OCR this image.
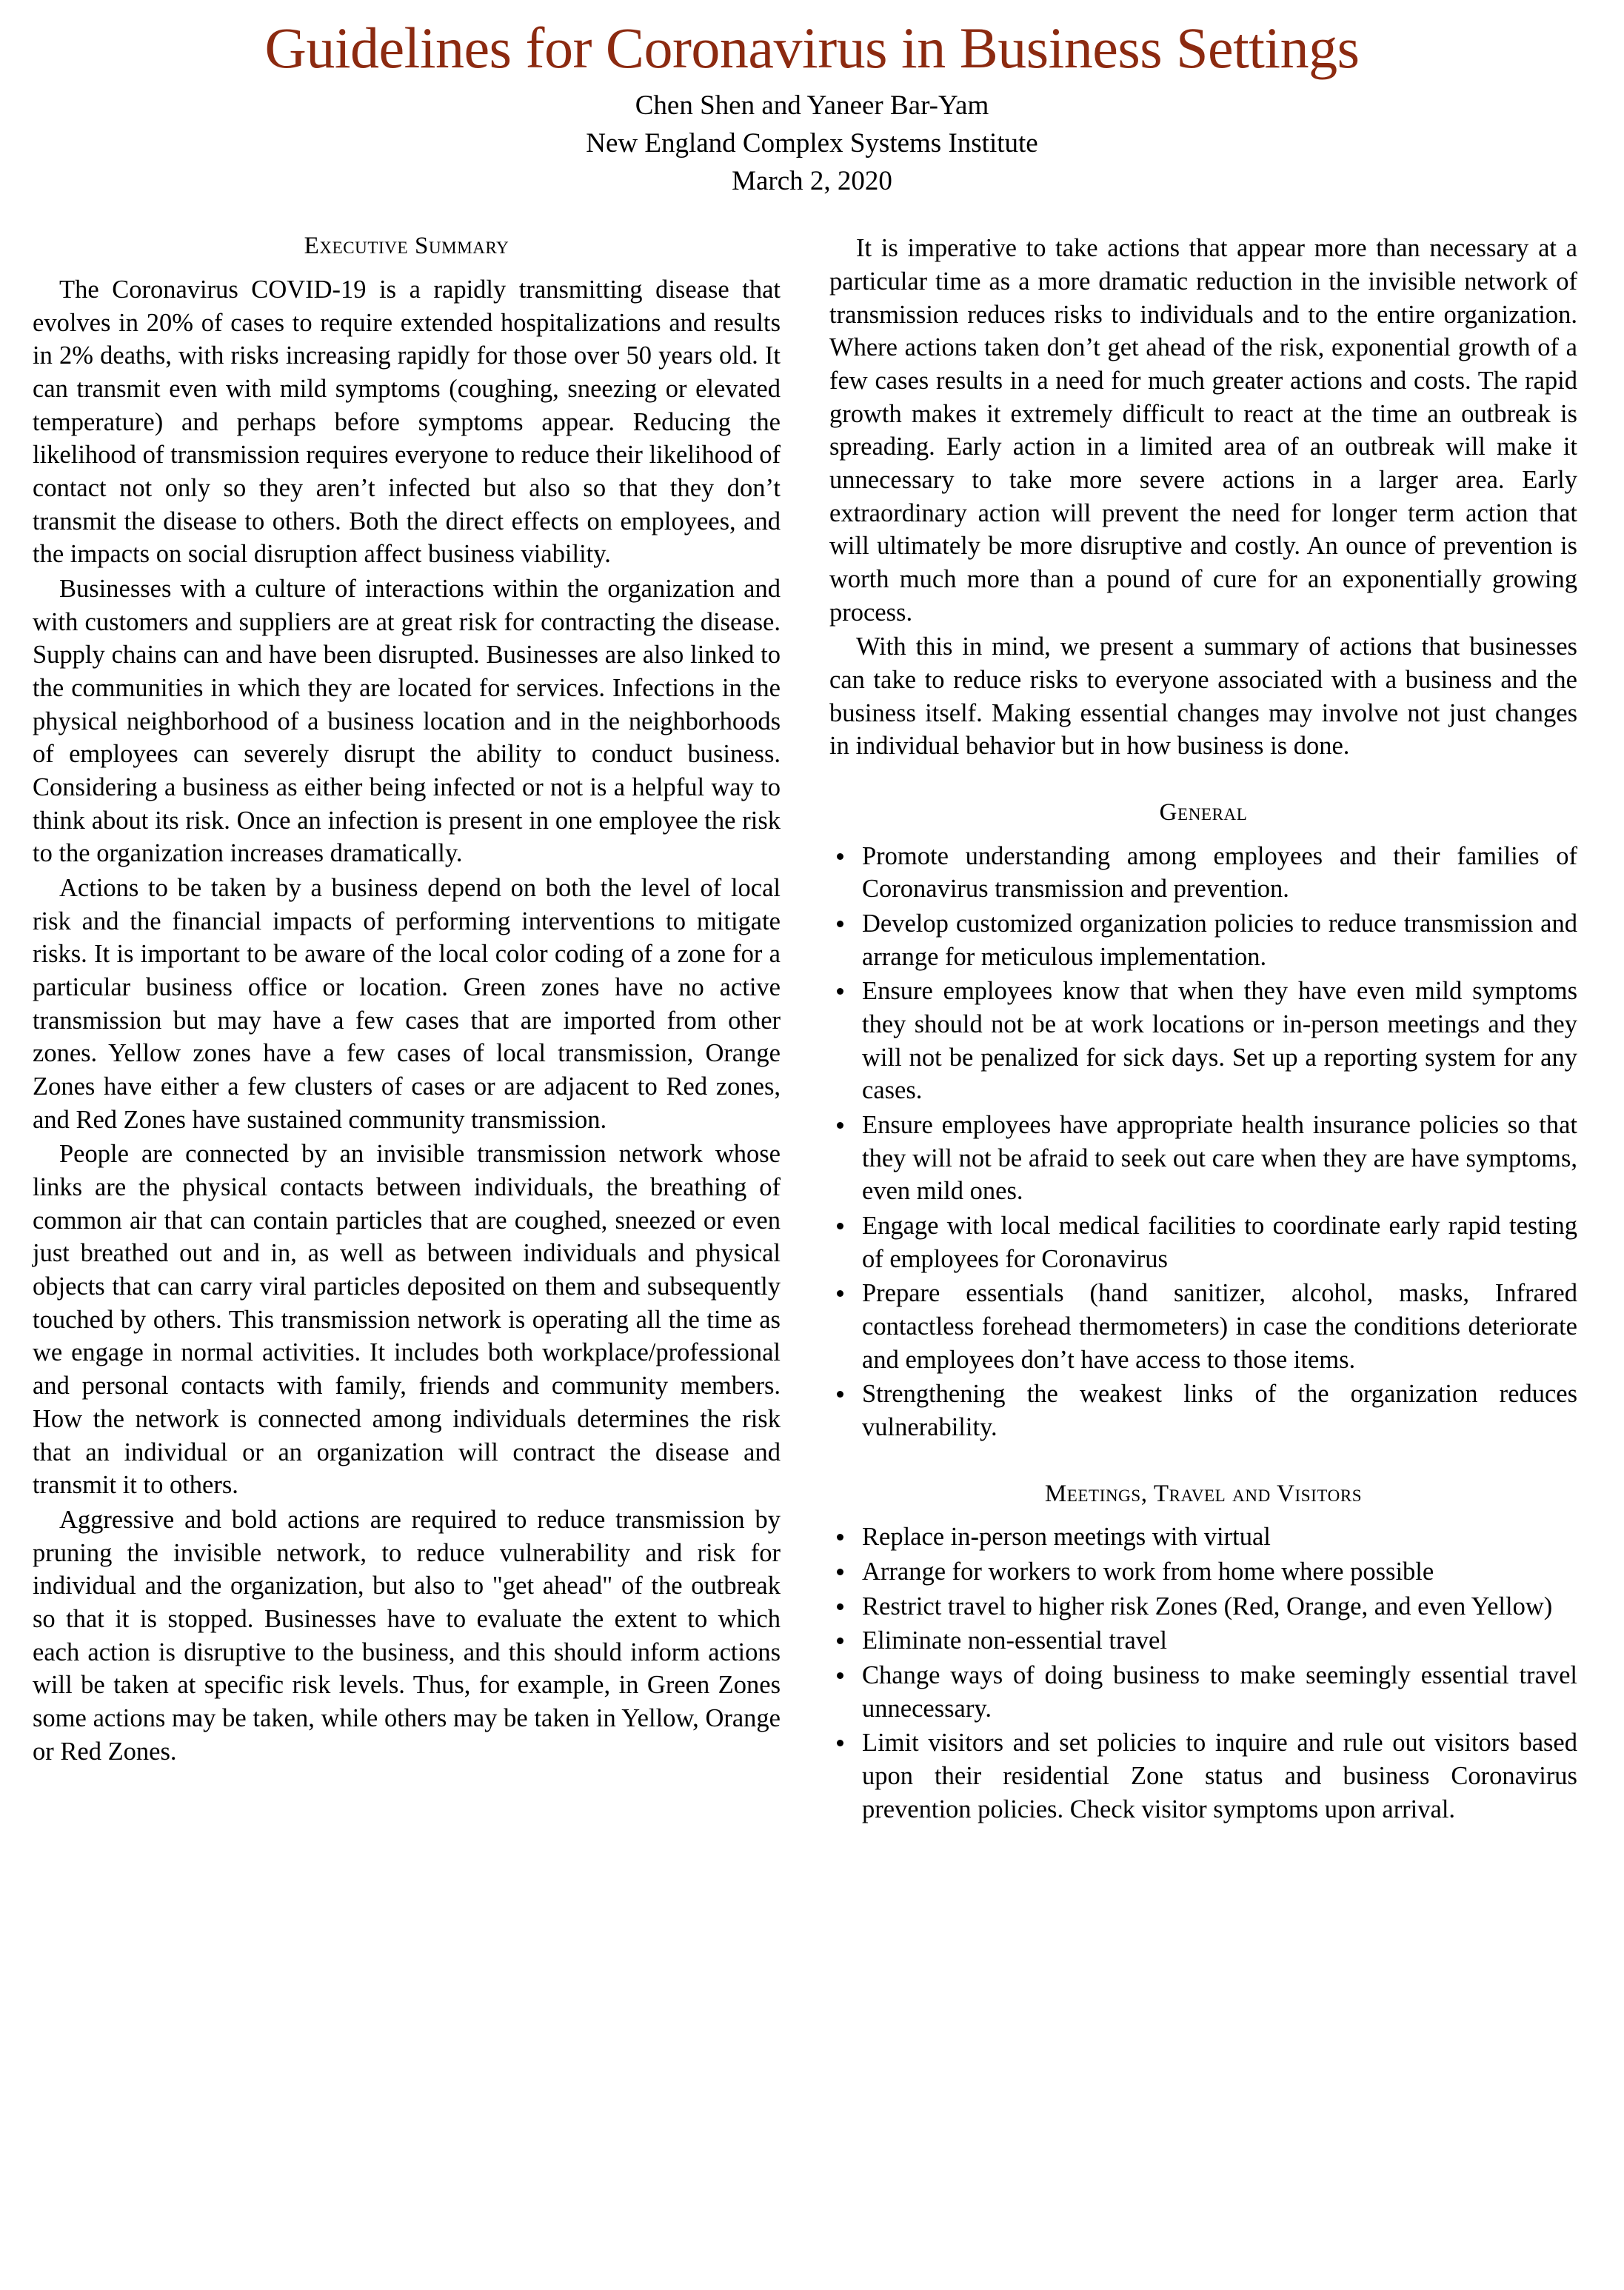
Guidelines for Coronavirus in Business Settings
Chen Shen and Yaneer Bar-Yam
New England Complex Systems Institute
March 2, 2020
Executive Summary

The Coronavirus COVID-19 is a rapidly transmitting disease that evolves in 20% of cases to require extended hospitalizations and results in 2% deaths, with risks increasing rapidly for those over 50 years old. It can transmit even with mild symptoms (coughing, sneezing or elevated temperature) and perhaps before symptoms appear. Reducing the likelihood of transmission requires everyone to reduce their likelihood of contact not only so they aren’t infected but also so that they don’t transmit the disease to others. Both the direct effects on employees, and the impacts on social disruption affect business viability.

Businesses with a culture of interactions within the organization and with customers and suppliers are at great risk for contracting the disease. Supply chains can and have been disrupted. Businesses are also linked to the communities in which they are located for services. Infections in the physical neighborhood of a business location and in the neighborhoods of employees can severely disrupt the ability to conduct business. Considering a business as either being infected or not is a helpful way to think about its risk. Once an infection is present in one employee the risk to the organization increases dramatically.

Actions to be taken by a business depend on both the level of local risk and the financial impacts of performing interventions to mitigate risks. It is important to be aware of the local color coding of a zone for a particular business office or location. Green zones have no active transmission but may have a few cases that are imported from other zones. Yellow zones have a few cases of local transmission, Orange Zones have either a few clusters of cases or are adjacent to Red zones, and Red Zones have sustained community transmission.

People are connected by an invisible transmission network whose links are the physical contacts between individuals, the breathing of common air that can contain particles that are coughed, sneezed or even just breathed out and in, as well as between individuals and physical objects that can carry viral particles deposited on them and subsequently touched by others. This transmission network is operating all the time as we engage in normal activities. It includes both workplace/professional and personal contacts with family, friends and community members. How the network is connected among individuals determines the risk that an individual or an organization will contract the disease and transmit it to others.

Aggressive and bold actions are required to reduce transmission by pruning the invisible network, to reduce vulnerability and risk for individual and the organization, but also to "get ahead" of the outbreak so that it is stopped. Businesses have to evaluate the extent to which each action is disruptive to the business, and this should inform actions will be taken at specific risk levels. Thus, for example, in Green Zones some actions may be taken, while others may be taken in Yellow, Orange or Red Zones.

It is imperative to take actions that appear more than necessary at a particular time as a more dramatic reduction in the invisible network of transmission reduces risks to individuals and to the entire organization. Where actions taken don’t get ahead of the risk, exponential growth of a few cases results in a need for much greater actions and costs. The rapid growth makes it extremely difficult to react at the time an outbreak is spreading. Early action in a limited area of an outbreak will make it unnecessary to take more severe actions in a larger area. Early extraordinary action will prevent the need for longer term action that will ultimately be more disruptive and costly. An ounce of prevention is worth much more than a pound of cure for an exponentially growing process.

With this in mind, we present a summary of actions that businesses can take to reduce risks to everyone associated with a business and the business itself. Making essential changes may involve not just changes in individual behavior but in how business is done.

General
Promote understanding among employees and their families of Coronavirus transmission and prevention.
Develop customized organization policies to reduce transmission and arrange for meticulous implementation.
Ensure employees know that when they have even mild symptoms they should not be at work locations or in-person meetings and they will not be penalized for sick days. Set up a reporting system for any cases.
Ensure employees have appropriate health insurance policies so that they will not be afraid to seek out care when they are have symptoms, even mild ones.
Engage with local medical facilities to coordinate early rapid testing of employees for Coronavirus
Prepare essentials (hand sanitizer, alcohol, masks, Infrared contactless forehead thermometers) in case the conditions deteriorate and employees don’t have access to those items.
Strengthening the weakest links of the organization reduces vulnerability.
Meetings, Travel and Visitors
Replace in-person meetings with virtual
Arrange for workers to work from home where possible
Restrict travel to higher risk Zones (Red, Orange, and even Yellow)
Eliminate non-essential travel
Change ways of doing business to make seemingly essential travel unnecessary.
Limit visitors and set policies to inquire and rule out visitors based upon their residential Zone status and business Coronavirus prevention policies. Check visitor symptoms upon arrival.
